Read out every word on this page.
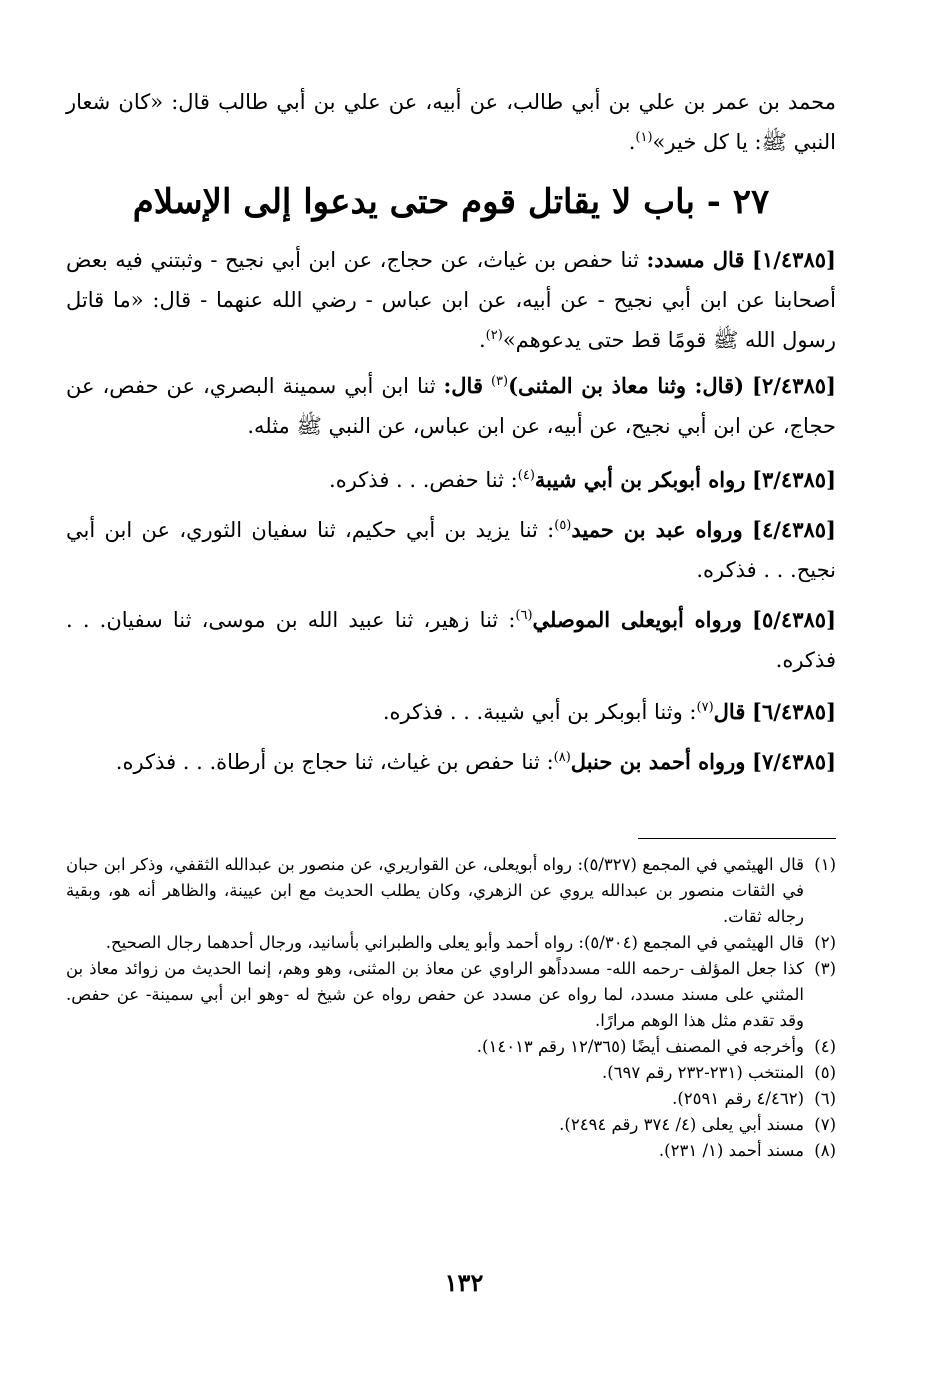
محمد بن عمر بن علي بن أبي طالب، عن أبيه، عن علي بن أبي طالب قال: «كان شعار النبي ﷺ: يا كل خير»$^{(١)}$.
٢٧ - باب لا يقاتل قوم حتى يدعوا إلى الإسلام
[١/٤٣٨٥] قال مسدد: ثنا حفص بن غياث، عن حجاج، عن ابن أبي نجيح - وثبتني فيه بعض أصحابنا عن ابن أبي نجيح - عن أبيه، عن ابن عباس - رضي الله عنهما - قال: «ما قاتل رسول الله ﷺ قومًا قط حتى يدعوهم»$^{(٢)}$.
[٢/٤٣٨٥] (قال: وثنا معاذ بن المثنى)$^{(٣)}$ قال: ثنا ابن أبي سمينة البصري، عن حفص، عن حجاج، عن ابن أبي نجيح، عن أبيه، عن ابن عباس، عن النبي ﷺ مثله.
[٣/٤٣٨٥] رواه أبوبكر بن أبي شيبة$^{(٤)}$: ثنا حفص. . . فذكره.
[٤/٤٣٨٥] ورواه عبد بن حميد$^{(٥)}$: ثنا يزيد بن أبي حكيم، ثنا سفيان الثوري، عن ابن أبي نجيح. . . فذكره.
[٥/٤٣٨٥] ورواه أبويعلى الموصلي$^{(٦)}$: ثنا زهير، ثنا عبيد الله بن موسى، ثنا سفيان. . . فذكره.
[٦/٤٣٨٥] قال$^{(٧)}$: وثنا أبوبكر بن أبي شيبة. . . فذكره.
[٧/٤٣٨٥] ورواه أحمد بن حنبل$^{(٨)}$: ثنا حفص بن غياث، ثنا حجاج بن أرطاة. . . فذكره.
(١)
قال الهيثمي في المجمع (٥/٣٢٧): رواه أبويعلى، عن القواريري، عن منصور بن عبدالله الثقفي، وذكر ابن حبان في الثقات منصور بن عبدالله يروي عن الزهري، وكان يطلب الحديث مع ابن عيينة، والظاهر أنه هو، وبقية رجاله ثقات.
(٢)
قال الهيثمي في المجمع (٥/٣٠٤): رواه أحمد وأبو يعلى والطبراني بأسانيد، ورجال أحدهما رجال الصحيح.
(٣)
كذا جعل المؤلف -رحمه الله- مسدداًهو الراوي عن معاذ بن المثنى، وهو وهم، إنما الحديث من زوائد معاذ بن المثني على مسند مسدد، لما رواه عن مسدد عن حفص رواه عن شيخ له -وهو ابن أبي سمينة- عن حفص. وقد تقدم مثل هذا الوهم مرارًا.
(٤)
وأخرجه في المصنف أيضًا (١٢/٣٦٥ رقم ١٤٠١٣).
(٥)
المنتخب (٢٣١-٢٣٢ رقم ٦٩٧).
(٦)
(٤/٤٦٢ رقم ٢٥٩١).
(٧)
مسند أبي يعلى (٤/ ٣٧٤ رقم ٢٤٩٤).
(٨)
مسند أحمد (١/ ٢٣١).
١٣٢
